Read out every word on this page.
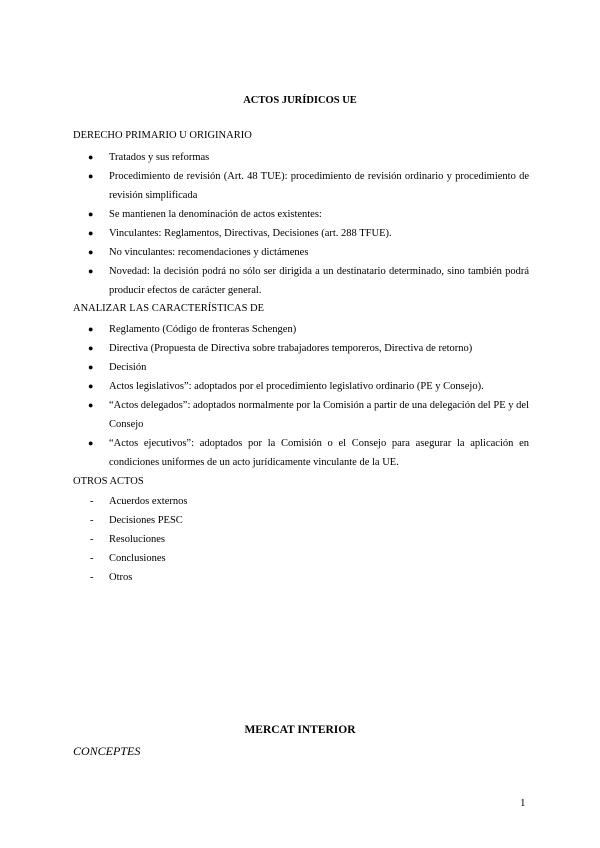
ACTOS JURÍDICOS UE
DERECHO PRIMARIO U ORIGINARIO
● Tratados y sus reformas
● Procedimiento de revisión (Art. 48 TUE): procedimiento de revisión ordinario y procedimiento de revisión simplificada
● Se mantienen la denominación de actos existentes:
● Vinculantes: Reglamentos, Directivas, Decisiones (art. 288 TFUE).
● No vinculantes: recomendaciones y dictámenes
● Novedad: la decisión podrá no sólo ser dirigida a un destinatario determinado, sino también podrá producir efectos de carácter general.
ANALIZAR LAS CARACTERÍSTICAS DE
● Reglamento (Código de fronteras Schengen)
● Directiva (Propuesta de Directiva sobre trabajadores temporeros, Directiva de retorno)
● Decisión
● Actos legislativos”: adoptados por el procedimiento legislativo ordinario (PE y Consejo).
● “Actos delegados”: adoptados normalmente por la Comisión a partir de una delegación del PE y del Consejo
● “Actos ejecutivos”: adoptados por la Comisión o el Consejo para asegurar la aplicación en condiciones uniformes de un acto jurídicamente vinculante de la UE.
OTROS ACTOS
- Acuerdos externos
- Decisiones PESC
- Resoluciones
- Conclusiones
- Otros
MERCAT INTERIOR
CONCEPTES
1
